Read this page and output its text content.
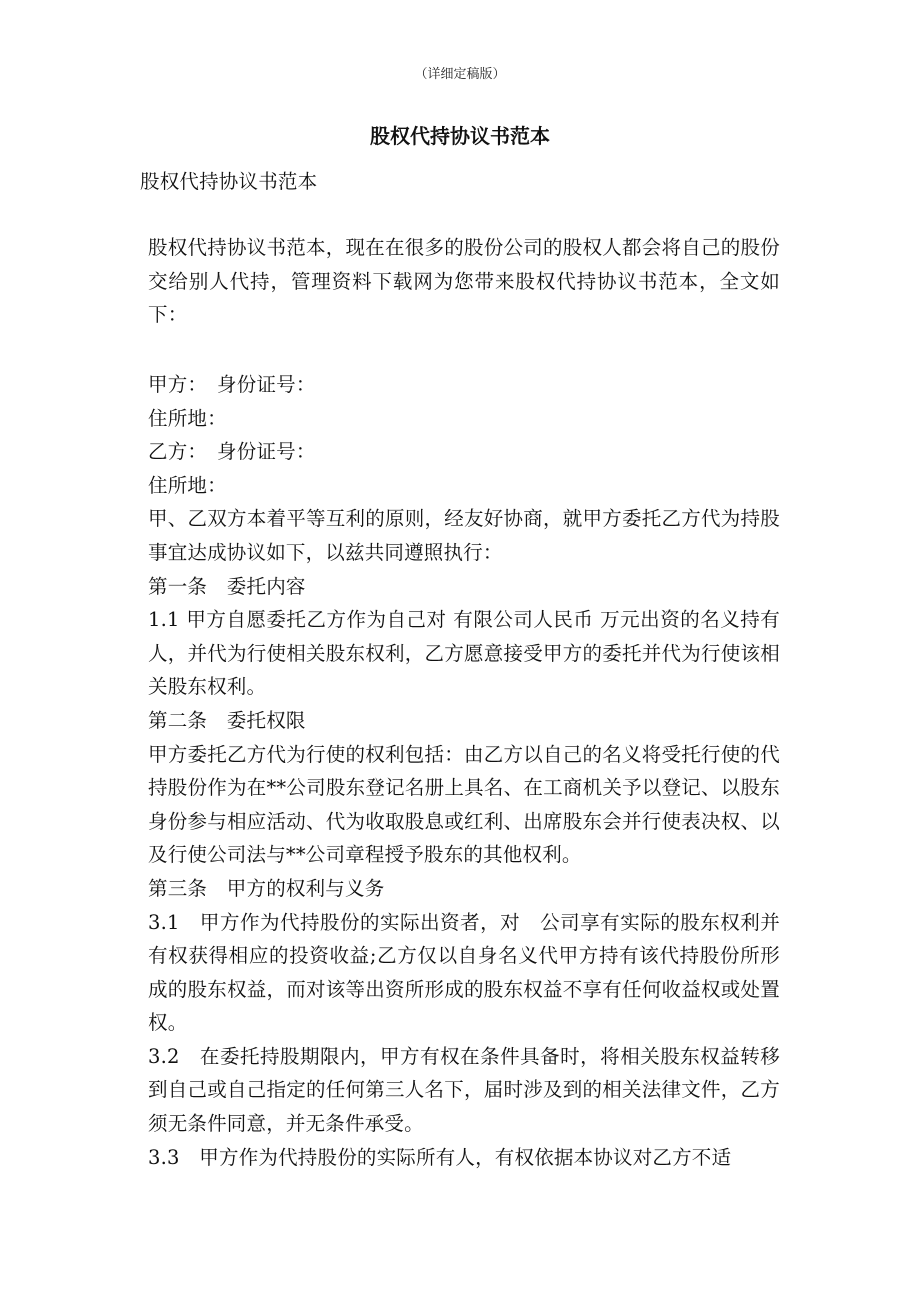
（详细定稿版）
股权代持协议书范本

股权代持协议书范本

股权代持协议书范本，现在在很多的股份公司的股权人都会将自己的股份交给别人代持，管理资料下载网为您带来股权代持协议书范本，全文如下：

甲方：　身份证号：

住所地：

乙方：　身份证号：

住所地：

甲、乙双方本着平等互利的原则，经友好协商，就甲方委托乙方代为持股事宜达成协议如下，以兹共同遵照执行：

第一条　委托内容

1.1 甲方自愿委托乙方作为自己对 有限公司人民币 万元出资的名义持有人，并代为行使相关股东权利，乙方愿意接受甲方的委托并代为行使该相关股东权利。

第二条　委托权限

甲方委托乙方代为行使的权利包括：由乙方以自己的名义将受托行使的代持股份作为在**公司股东登记名册上具名、在工商机关予以登记、以股东身份参与相应活动、代为收取股息或红利、出席股东会并行使表决权、以及行使公司法与**公司章程授予股东的其他权利。

第三条　甲方的权利与义务

3.1　甲方作为代持股份的实际出资者，对　公司享有实际的股东权利并有权获得相应的投资收益;乙方仅以自身名义代甲方持有该代持股份所形成的股东权益，而对该等出资所形成的股东权益不享有任何收益权或处置权。

3.2　在委托持股期限内，甲方有权在条件具备时，将相关股东权益转移到自己或自己指定的任何第三人名下，届时涉及到的相关法律文件，乙方须无条件同意，并无条件承受。

3.3　甲方作为代持股份的实际所有人，有权依据本协议对乙方不适
